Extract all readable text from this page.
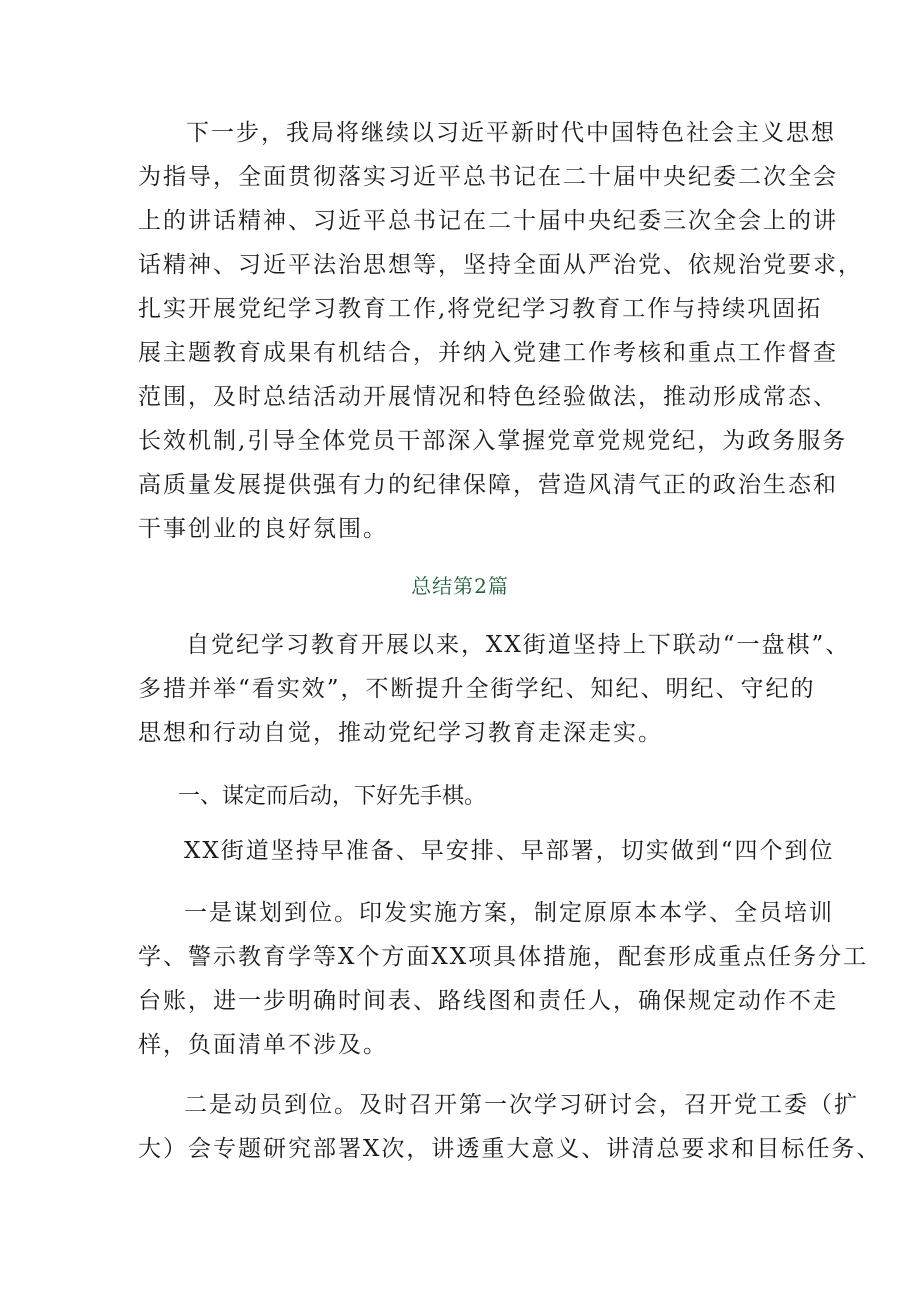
下一步，我局将继续以习近平新时代中国特色社会主义思想
为指导，全面贯彻落实习近平总书记在二十届中央纪委二次全会
上的讲话精神、习近平总书记在二十届中央纪委三次全会上的讲
话精神、习近平法治思想等，坚持全面从严治党、依规治党要求，
扎实开展党纪学习教育工作,将党纪学习教育工作与持续巩固拓
展主题教育成果有机结合，并纳入党建工作考核和重点工作督查
范围，及时总结活动开展情况和特色经验做法，推动形成常态、
长效机制,引导全体党员干部深入掌握党章党规党纪，为政务服务
高质量发展提供强有力的纪律保障，营造风清气正的政治生态和
干事创业的良好氛围。
总结第2篇
自党纪学习教育开展以来，XX街道坚持上下联动“一盘棋”、
多措并举“看实效”，不断提升全街学纪、知纪、明纪、守纪的
思想和行动自觉，推动党纪学习教育走深走实。
一、谋定而后动，下好先手棋。
XX街道坚持早准备、早安排、早部署，切实做到“四个到位
一是谋划到位。印发实施方案，制定原原本本学、全员培训
学、警示教育学等X个方面XX项具体措施，配套形成重点任务分工
台账，进一步明确时间表、路线图和责任人，确保规定动作不走
样，负面清单不涉及。
二是动员到位。及时召开第一次学习研讨会，召开党工委（扩
大）会专题研究部署X次，讲透重大意义、讲清总要求和目标任务、
